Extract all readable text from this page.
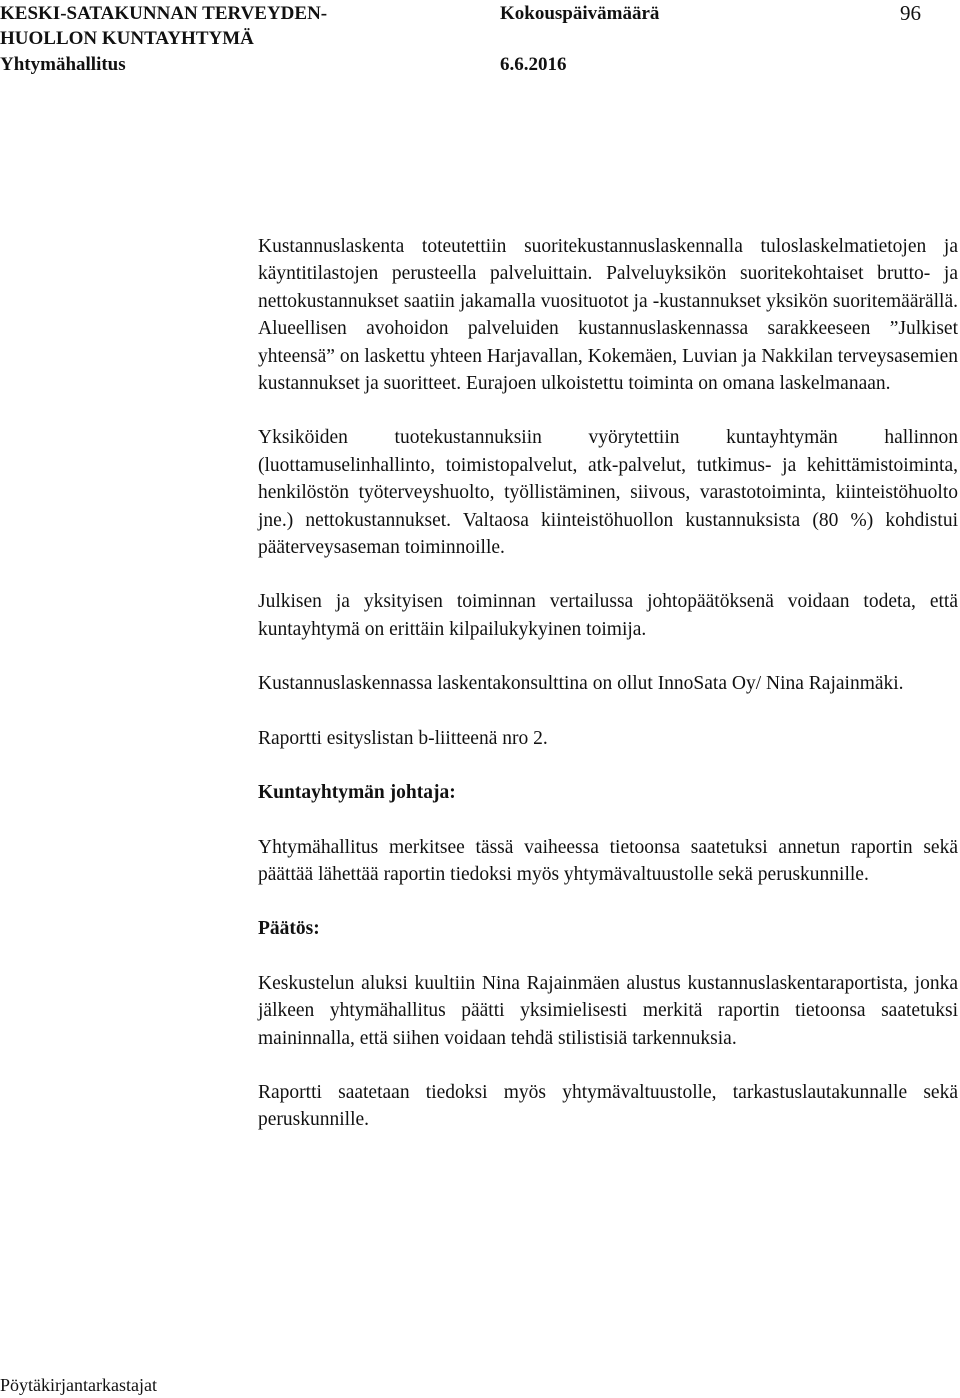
KESKI-SATAKUNNAN TERVEYDEN-
HUOLLON KUNTAYHTYMÄ
Yhtymähallitus
Kokouspäivämäärä
6.6.2016
96

Kustannuslaskenta toteutettiin suoritekustannuslaskennalla tuloslaskelmatietojen ja käyntitilastojen perusteella palveluittain. Palveluyksikön suoritekohtaiset brutto- ja nettokustannukset saatiin jakamalla vuosituotot ja -kustannukset yksikön suoritemäärällä. Alueellisen avohoidon palveluiden kustannuslaskennassa sarakkeeseen ”Julkiset yhteensä” on laskettu yhteen Harjavallan, Kokemäen, Luvian ja Nakkilan terveysasemien kustannukset ja suoritteet. Eurajoen ulkoistettu toiminta on omana laskelmanaan.

Yksiköiden tuotekustannuksiin vyörytettiin kuntayhtymän hallinnon (luottamuselinhallinto, toimistopalvelut, atk-palvelut, tutkimus- ja kehittämistoiminta, henkilöstön työterveyshuolto, työllistäminen, siivous, varastotoiminta, kiinteistöhuolto jne.) nettokustannukset. Valtaosa kiinteistöhuollon kustannuksista (80 %) kohdistui pääterveysaseman toiminnoille.

Julkisen ja yksityisen toiminnan vertailussa johtopäätöksenä voidaan todeta, että kuntayhtymä on erittäin kilpailukykyinen toimija.

Kustannuslaskennassa laskentakonsulttina on ollut InnoSata Oy/ Nina Rajainmäki.

Raportti esityslistan b-liitteenä nro 2.

Kuntayhtymän johtaja:

Yhtymähallitus merkitsee tässä vaiheessa tietoonsa saatetuksi annetun raportin sekä päättää lähettää raportin tiedoksi myös yhtymävaltuustolle sekä peruskunnille.

Päätös:

Keskustelun aluksi kuultiin Nina Rajainmäen alustus kustannuslaskentaraportista, jonka jälkeen yhtymähallitus päätti yksimielisesti merkitä raportin tietoonsa saatetuksi maininnalla, että siihen voidaan tehdä stilistisiä tarkennuksia.

Raportti saatetaan tiedoksi myös yhtymävaltuustolle, tarkastuslautakunnalle sekä peruskunnille.

Pöytäkirjantarkastajat
